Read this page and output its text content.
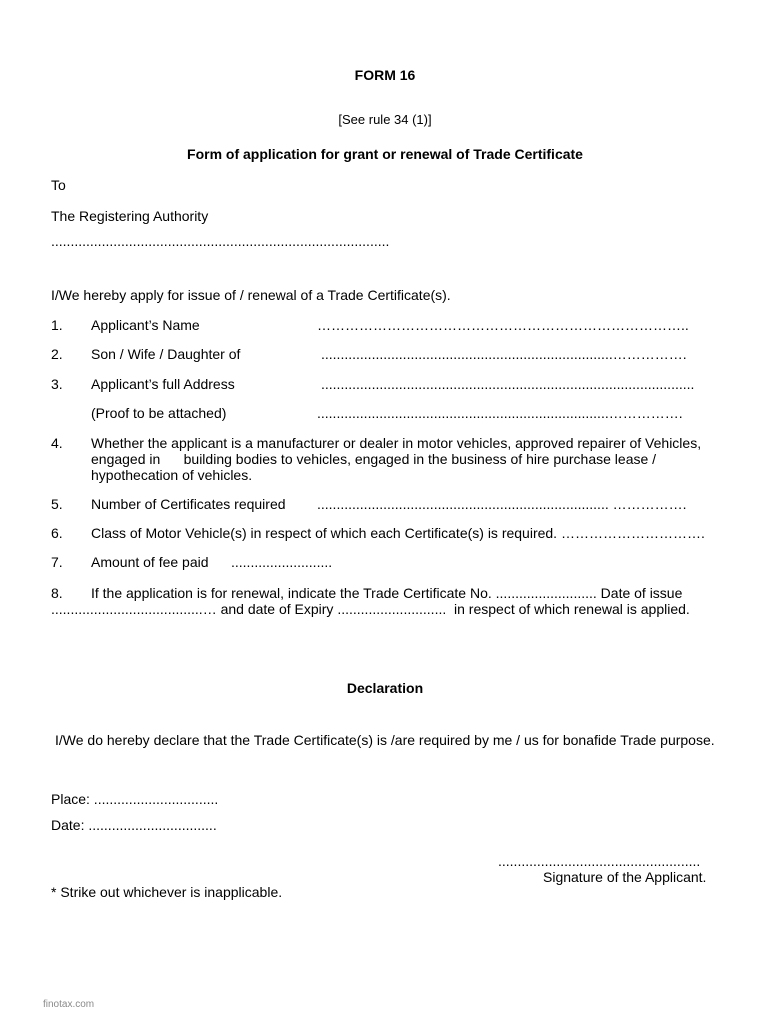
FORM 16
[See rule 34 (1)]
Form of application for grant or renewal of Trade Certificate
To
The Registering Authority
.......................................................................................
I/We hereby apply for issue of / renewal of a Trade Certificate(s).
1. Applicant’s Name	……………………………………………………………………..
2. Son / Wife / Daughter of	...........................................................................…………….
3. Applicant’s full Address	................................................................................................
(Proof to be attached)	...........................................................................…………….
4. Whether the applicant is a manufacturer or dealer in motor vehicles, approved repairer of Vehicles,
engaged in      building bodies to vehicles, engaged in the business of hire purchase lease /
hypothecation of vehicles.
5. Number of Certificates required ........................................................................... …………….
6. Class of Motor Vehicle(s) in respect of which each Certificate(s) is required. ………………………….
7. Amount of fee paid ..........................
8. If the application is for renewal, indicate the Trade Certificate No. .......................... Date of issue
.......................................… and date of Expiry ............................  in respect of which renewal is applied.
Declaration
I/We do hereby declare that the Trade Certificate(s) is /are required by me / us for bonafide Trade purpose.
Place: ................................
Date: .................................
....................................................
Signature of the Applicant.
* Strike out whichever is inapplicable.
finotax.com
